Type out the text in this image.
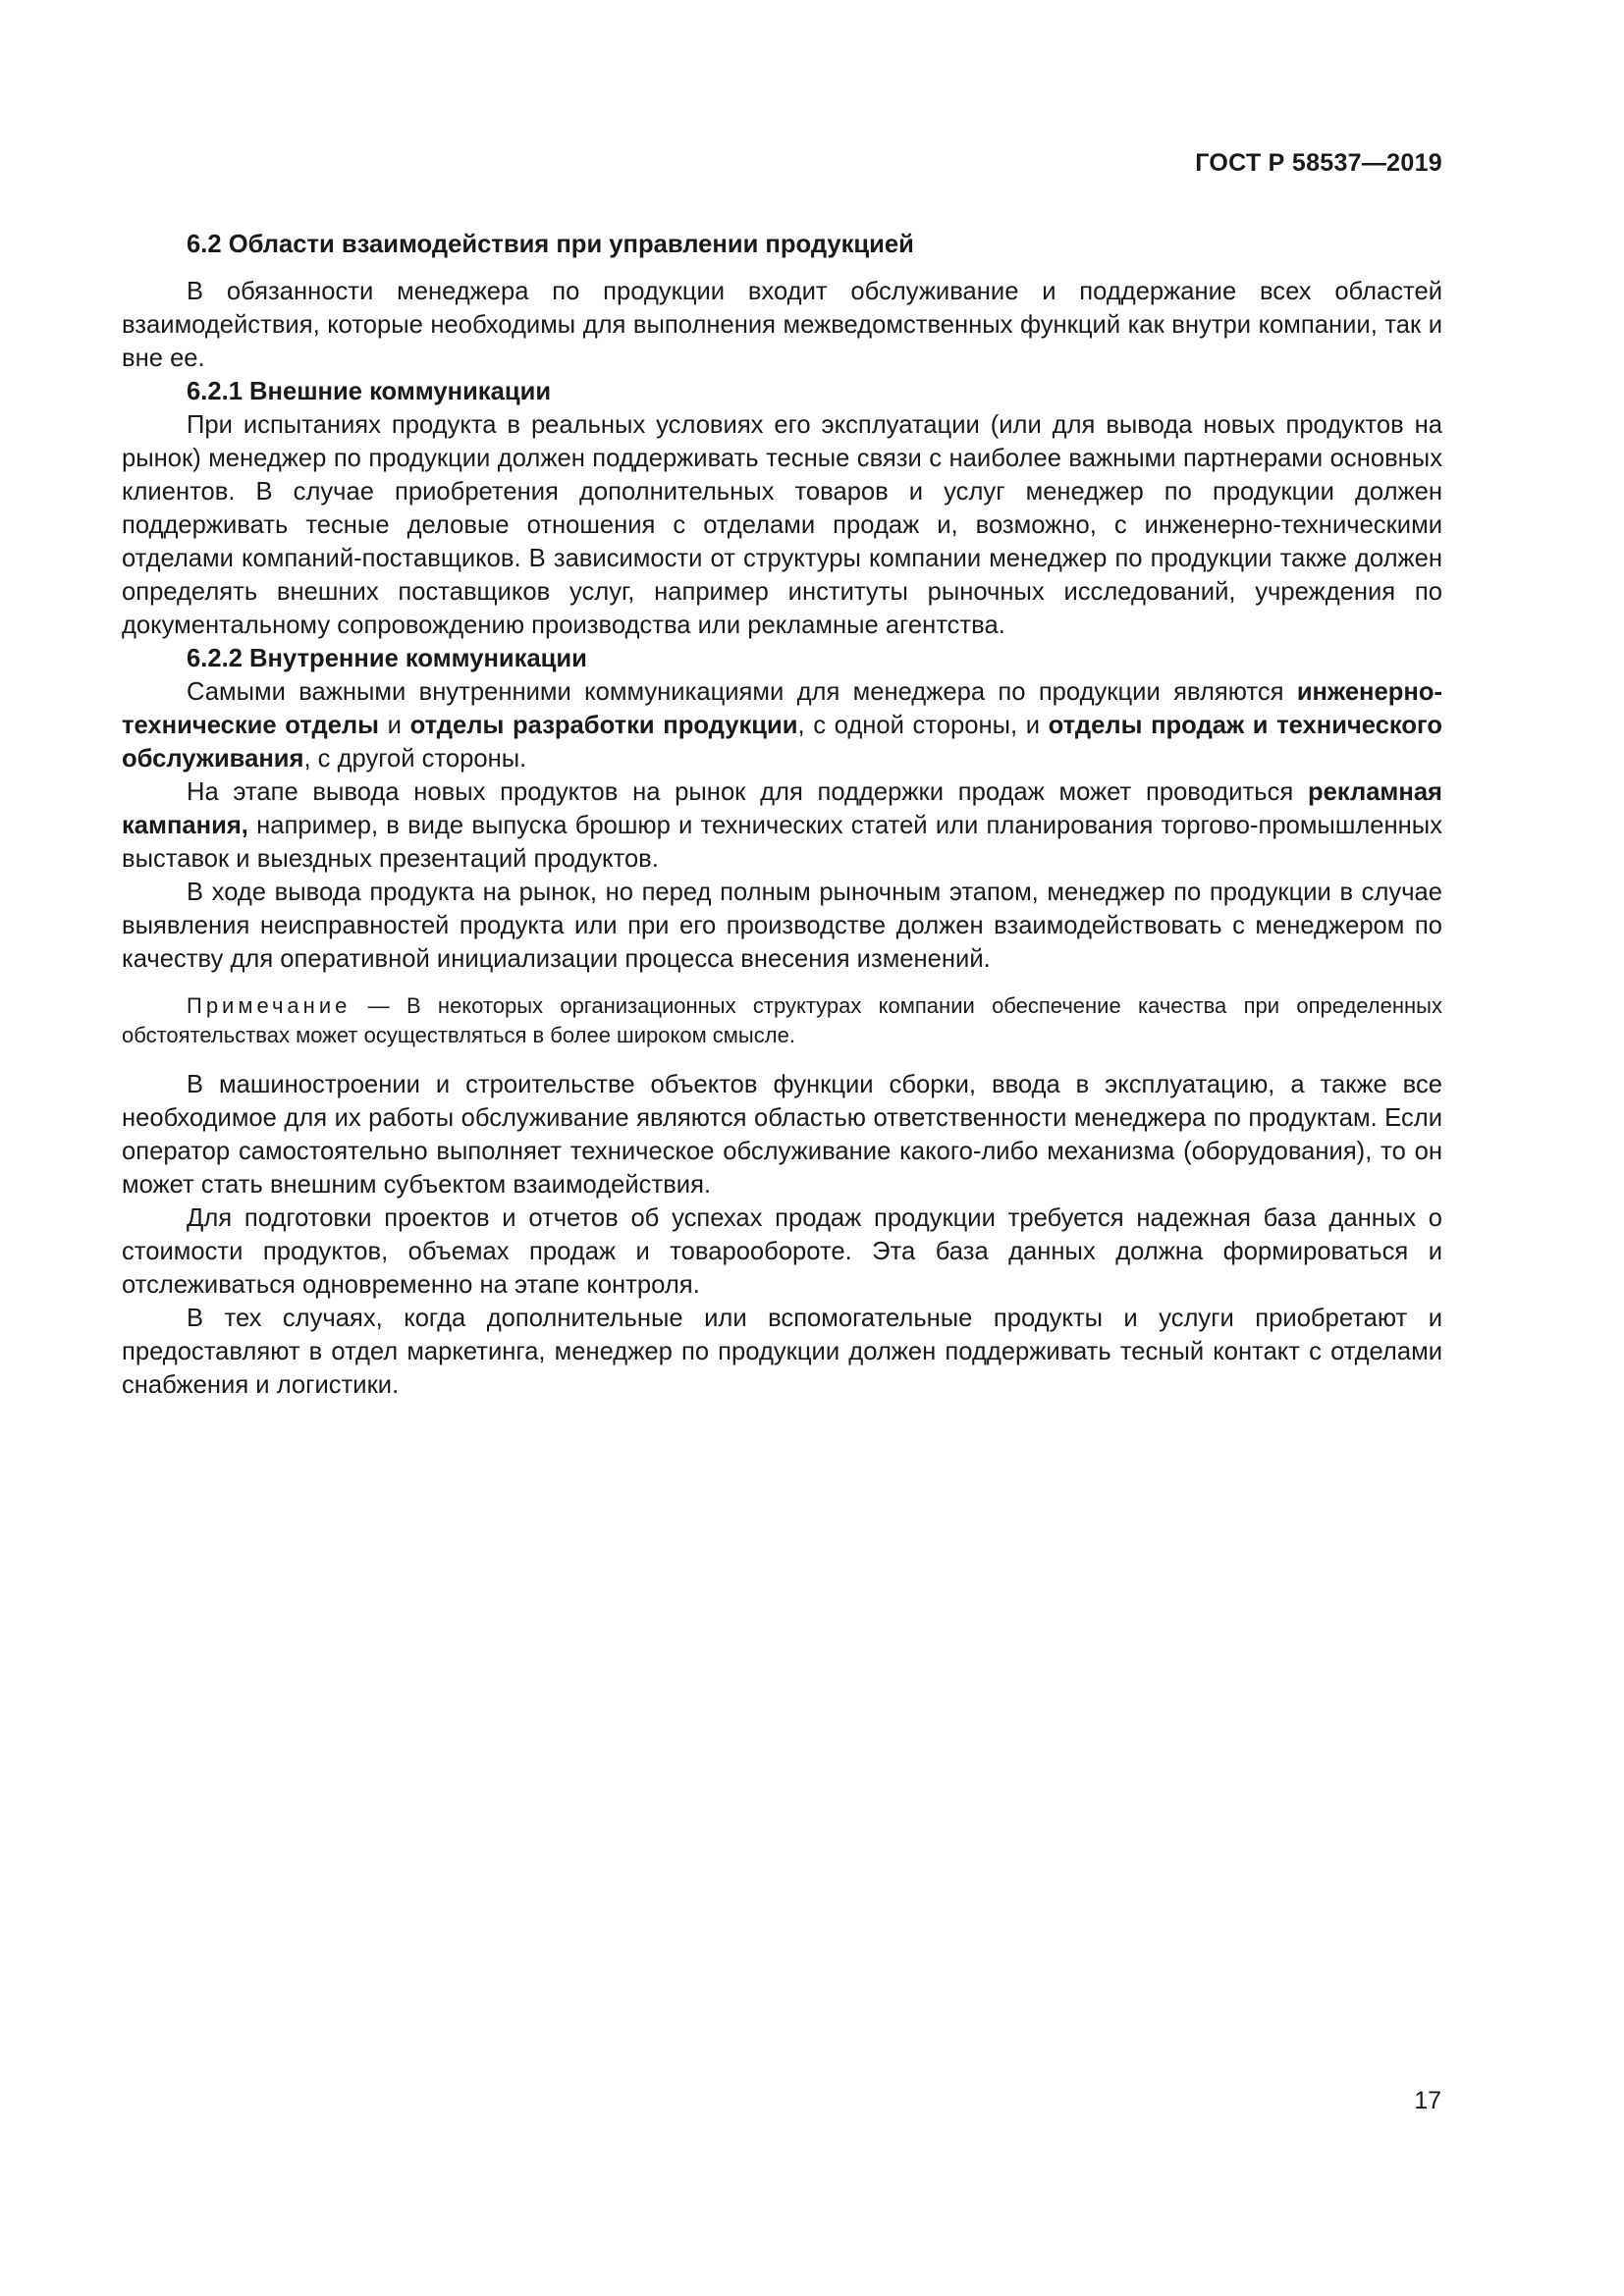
ГОСТ Р 58537—2019

6.2 Области взаимодействия при управлении продукцией

В обязанности менеджера по продукции входит обслуживание и поддержание всех областей взаимодействия, которые необходимы для выполнения межведомственных функций как внутри компании, так и вне ее.

6.2.1 Внешние коммуникации

При испытаниях продукта в реальных условиях его эксплуатации (или для вывода новых продуктов на рынок) менеджер по продукции должен поддерживать тесные связи с наиболее важными партнерами основных клиентов. В случае приобретения дополнительных товаров и услуг менеджер по продукции должен поддерживать тесные деловые отношения с отделами продаж и, возможно, с инженерно-техническими отделами компаний-поставщиков. В зависимости от структуры компании менеджер по продукции также должен определять внешних поставщиков услуг, например институты рыночных исследований, учреждения по документальному сопровождению производства или рекламные агентства.

6.2.2 Внутренние коммуникации

Самыми важными внутренними коммуникациями для менеджера по продукции являются инженерно-технические отделы и отделы разработки продукции, с одной стороны, и отделы продаж и технического обслуживания, с другой стороны.

На этапе вывода новых продуктов на рынок для поддержки продаж может проводиться рекламная кампания, например, в виде выпуска брошюр и технических статей или планирования торгово-промышленных выставок и выездных презентаций продуктов.

В ходе вывода продукта на рынок, но перед полным рыночным этапом, менеджер по продукции в случае выявления неисправностей продукта или при его производстве должен взаимодействовать с менеджером по качеству для оперативной инициализации процесса внесения изменений.

Примечание — В некоторых организационных структурах компании обеспечение качества при определенных обстоятельствах может осуществляться в более широком смысле.

В машиностроении и строительстве объектов функции сборки, ввода в эксплуатацию, а также все необходимое для их работы обслуживание являются областью ответственности менеджера по продуктам. Если оператор самостоятельно выполняет техническое обслуживание какого-либо механизма (оборудования), то он может стать внешним субъектом взаимодействия.

Для подготовки проектов и отчетов об успехах продаж продукции требуется надежная база данных о стоимости продуктов, объемах продаж и товарообороте. Эта база данных должна формироваться и отслеживаться одновременно на этапе контроля.

В тех случаях, когда дополнительные или вспомогательные продукты и услуги приобретают и предоставляют в отдел маркетинга, менеджер по продукции должен поддерживать тесный контакт с отделами снабжения и логистики.

17
